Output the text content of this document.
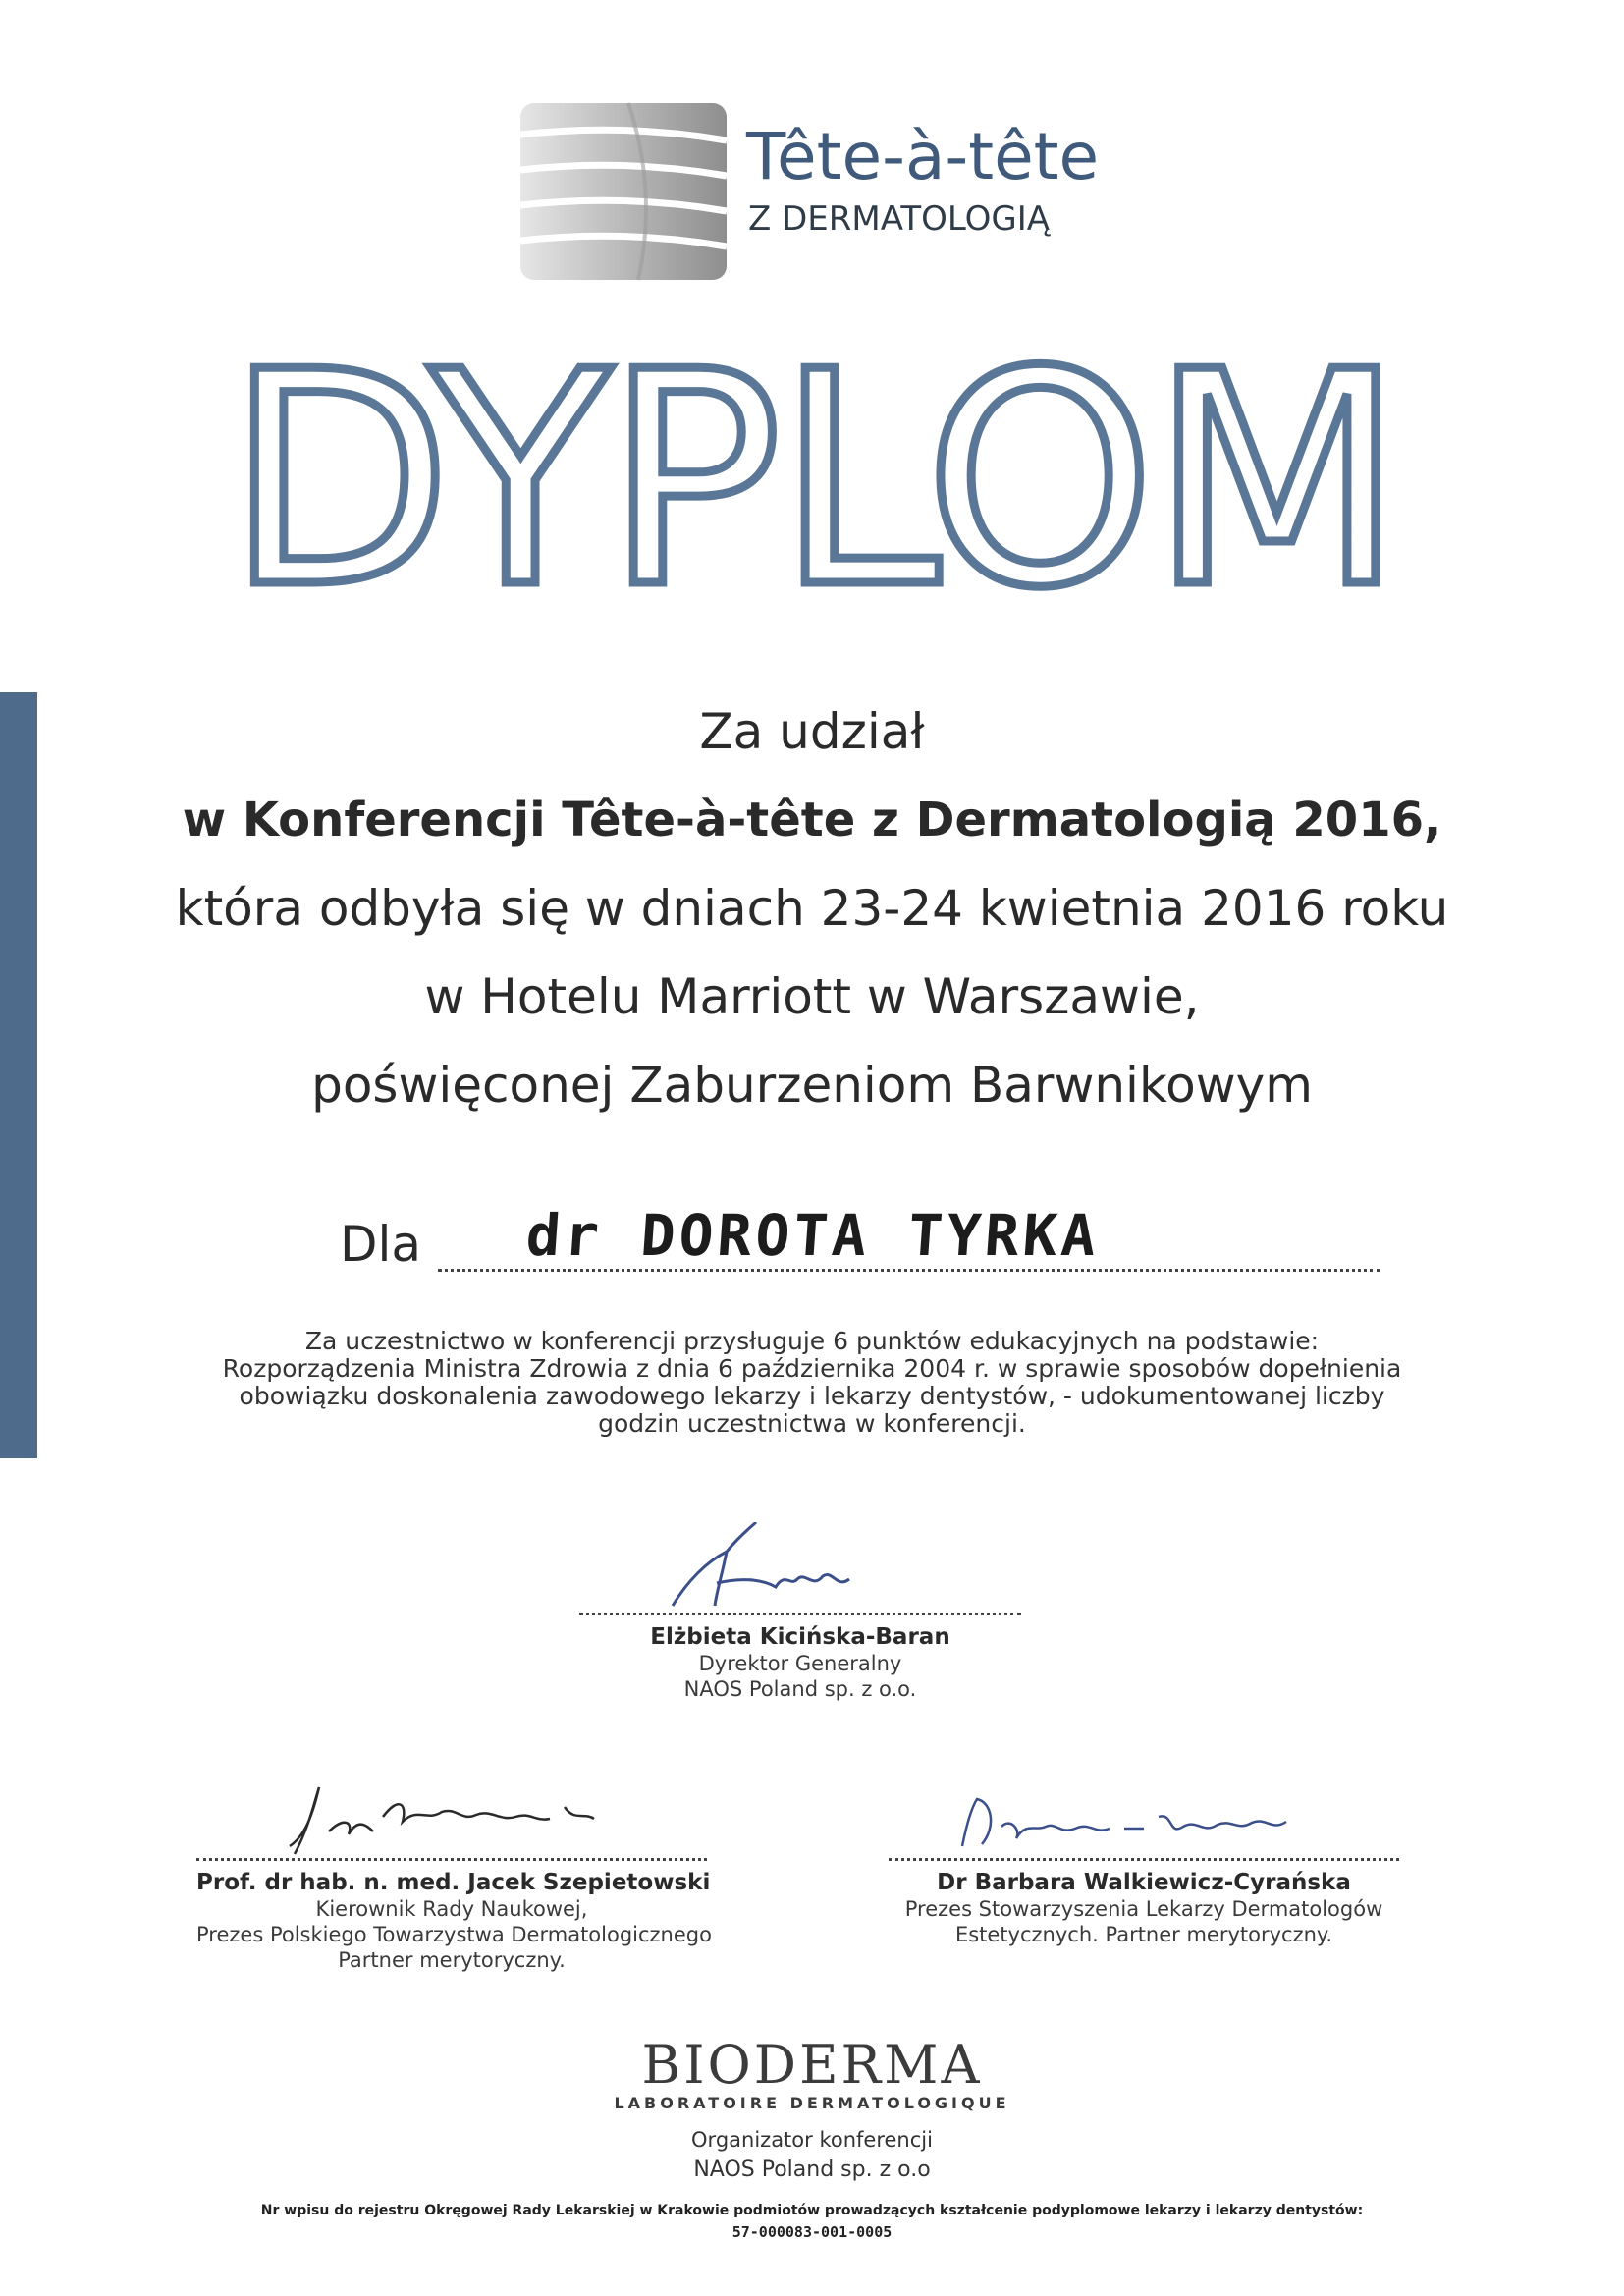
Tête-à-tête
Z DERMATOLOGIĄ
DYPLOM
Za udział
w Konferencji Tête-à-tête z Dermatologią 2016,
która odbyła się w dniach 23-24 kwietnia 2016 roku
w Hotelu Marriott w Warszawie,
poświęconej Zaburzeniom Barwnikowym
Dla dr DOROTA TYRKA
Za uczestnictwo w konferencji przysługuje 6 punktów edukacyjnych na podstawie:
Rozporządzenia Ministra Zdrowia z dnia 6 października 2004 r. w sprawie sposobów dopełnienia
obowiązku doskonalenia zawodowego lekarzy i lekarzy dentystów, - udokumentowanej liczby
godzin uczestnictwa w konferencji.
Elżbieta Kicińska-Baran
Dyrektor Generalny
NAOS Poland sp. z o.o.
Prof. dr hab. n. med. Jacek Szepietowski
Kierownik Rady Naukowej,
Prezes Polskiego Towarzystwa Dermatologicznego
Partner merytoryczny.
Dr Barbara Walkiewicz-Cyrańska
Prezes Stowarzyszenia Lekarzy Dermatologów
Estetycznych. Partner merytoryczny.
BIODERMA
LABORATOIRE DERMATOLOGIQUE
Organizator konferencji
NAOS Poland sp. z o.o
Nr wpisu do rejestru Okręgowej Rady Lekarskiej w Krakowie podmiotów prowadzących kształcenie podyplomowe lekarzy i lekarzy dentystów:
57-000083-001-0005
